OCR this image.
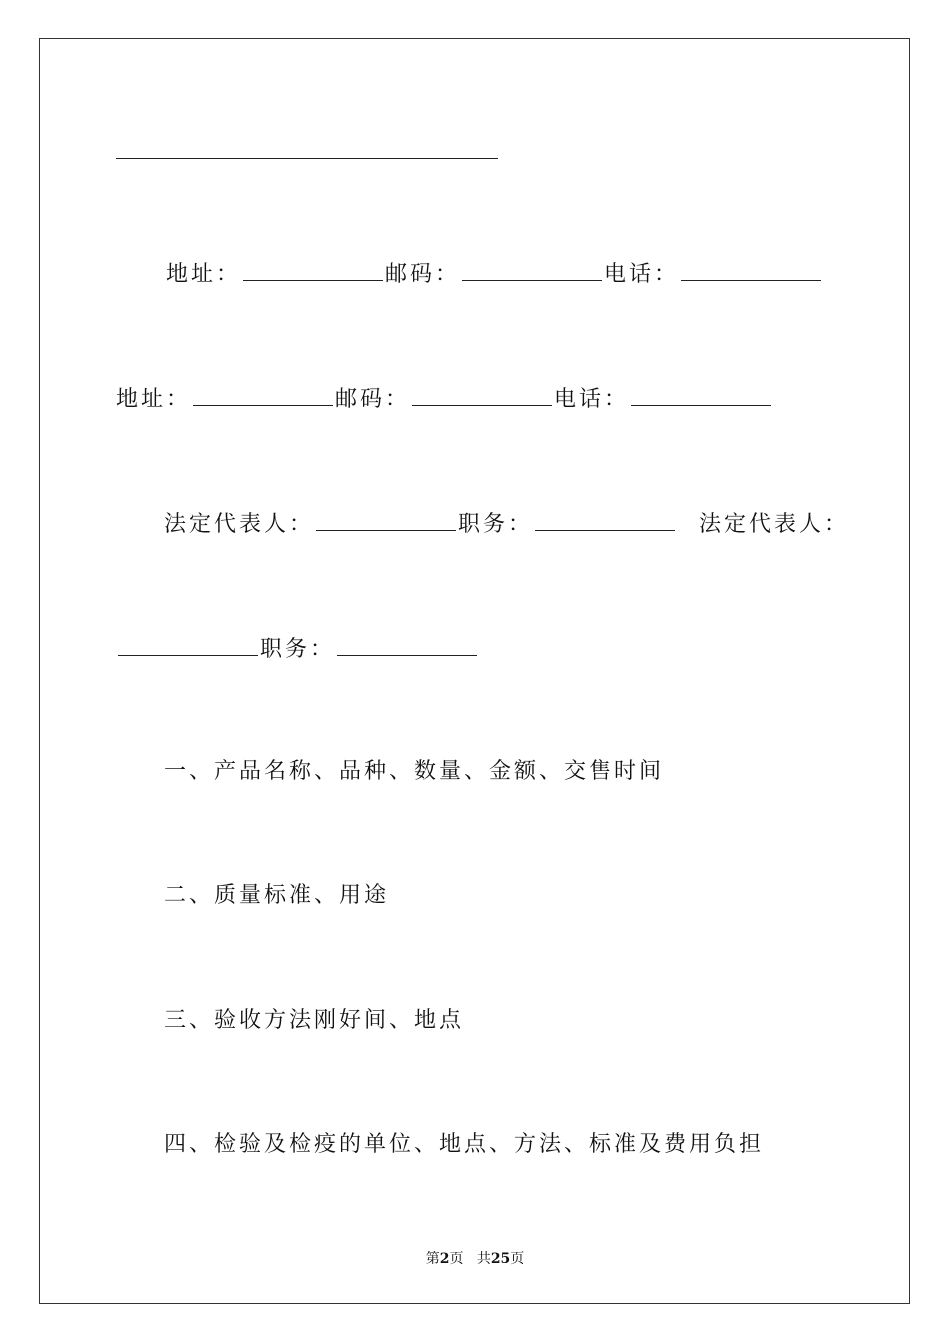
地址：	邮码：	电话：
地址：	邮码：	电话：
法定代表人：	职务：	法定代表人：
职务：
一、产品名称、品种、数量、金额、交售时间
二、质量标准、用途
三、验收方法刚好间、地点
四、检验及检疫的单位、地点、方法、标准及费用负担
第2页 共25页
